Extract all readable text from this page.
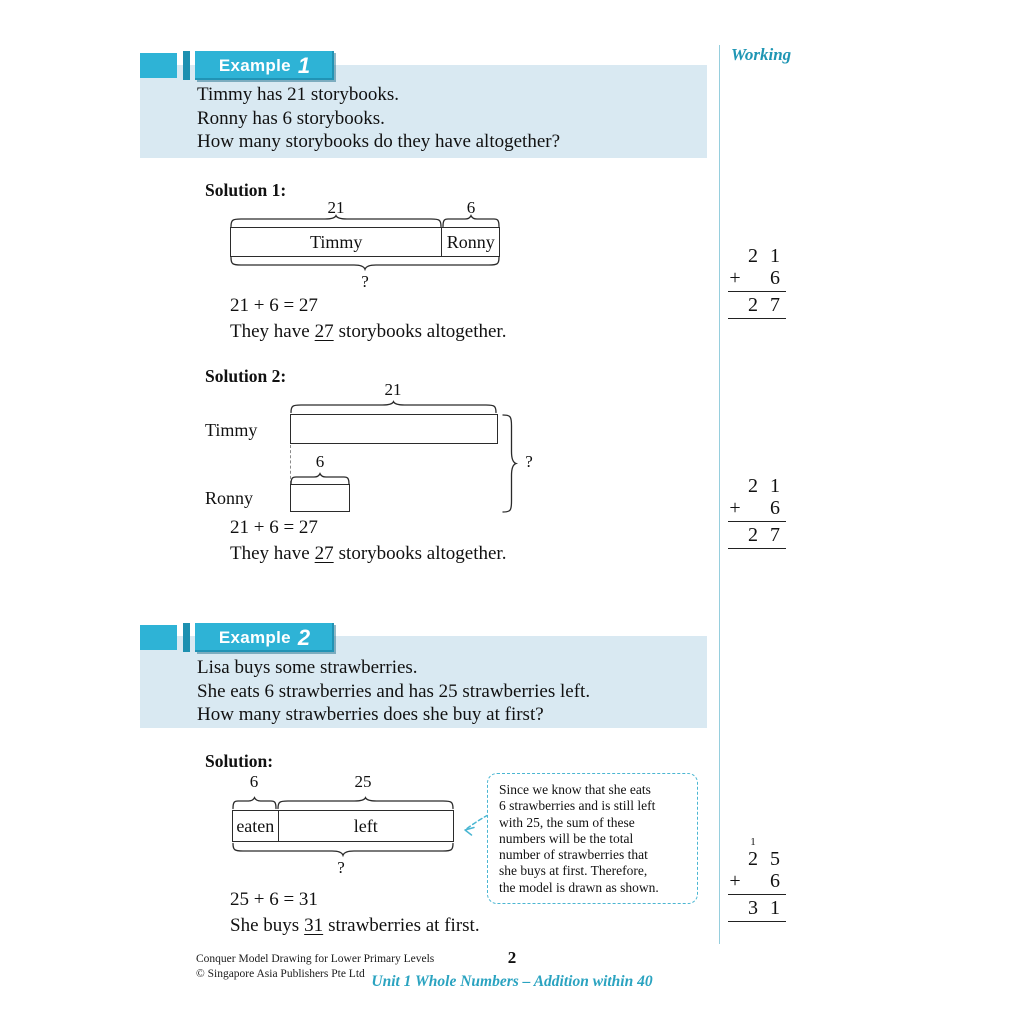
Example 1
Timmy has 21 storybooks.
Ronny has 6 storybooks.
How many storybooks do they have altogether?
Solution 1:
21	6
Timmy	Ronny
?
21 + 6 = 27
They have 27 storybooks altogether.
Solution 2:
21
Timmy
6
Ronny
?
21 + 6 = 27
They have 27 storybooks altogether.
Example 2
Lisa buys some strawberries.
She eats 6 strawberries and has 25 strawberries left.
How many strawberries does she buy at first?
Solution:
6	25
eaten	left
?
Since we know that she eats
6 strawberries and is still left
with 25, the sum of these
numbers will be the total
number of strawberries that
she buys at first. Therefore,
the model is drawn as shown.
25 + 6 = 31
She buys 31 strawberries at first.
Working
2 1
+	6
2 7
2 1
+	6
2 7
1
2 5
+	6
3 1
Conquer Model Drawing for Lower Primary Levels
© Singapore Asia Publishers Pte Ltd
2
Unit 1 Whole Numbers – Addition within 40
